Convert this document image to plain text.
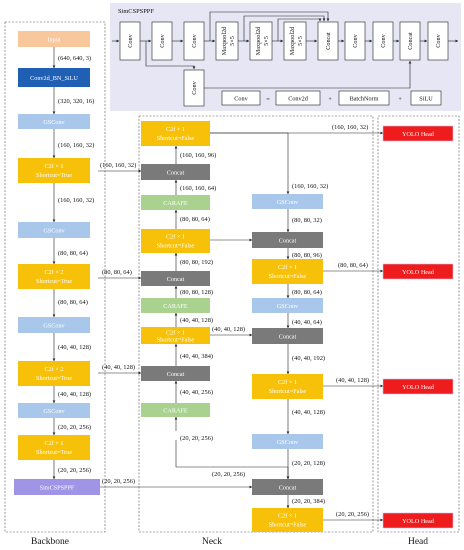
SimCSPSPPF
Conv	Conv	Conv	Maxpool2d 5×5	Maxpool2d 5×5	Maxpool2d 5×5	Concat	Conv	Conv	Concat	Conv
Conv
Conv	=	Conv2d	+	BatchNorm	+	SiLU
Input
Conv2d_BN_SiLU
GSConv
C2f × 1
Shortcut=True
GSConv
C2f × 2
Shortcut=True
GSConv
C2f × 2
Shortcut=True
GSConv
C2f × 1
Shortcut=True
SimCSPSPPF
C2f × 1
Shortcut=False
Concat
CARAFE
C2f × 1
Shortcut=False
Concat
CARAFE
C2f × 1
Shortcut=False
Concat
CARAFE
GSConv
Concat
C2f × 1
Shortcut=False
GSConv
Concat
C2f × 1
Shortcut=False
GSConv
Concat
C2f × 1
Shortcut=False
YOLO Head
YOLO Head
YOLO Head
YOLO Head
(640, 640, 3)
(320, 320, 16)
(160, 160, 32)
(160, 160, 32)
(80, 80, 64)
(80, 80, 64)
(40, 40, 128)
(40, 40, 128)
(20, 20, 256)
(20, 20, 256)
(160, 160, 32)
(80, 80, 64)
(40, 40, 128)
(20, 20, 256)
(160, 160, 96)
(160, 160, 64)
(80, 80, 64)
(80, 80, 192)
(80, 80, 128)
(40, 40, 128)
(40, 40, 384)
(40, 40, 256)
(20, 20, 256)
(160, 160, 32)
(80, 80, 32)
(80, 80, 96)
(80, 80, 64)
(40, 40, 64)
(40, 40, 128)
(40, 40, 192)
(40, 40, 128)
(20, 20, 128)
(20, 20, 256)
(20, 20, 384)
(160, 160, 32)
(80, 80, 64)
(40, 40, 128)
(20, 20, 256)
Backbone	Neck	Head
